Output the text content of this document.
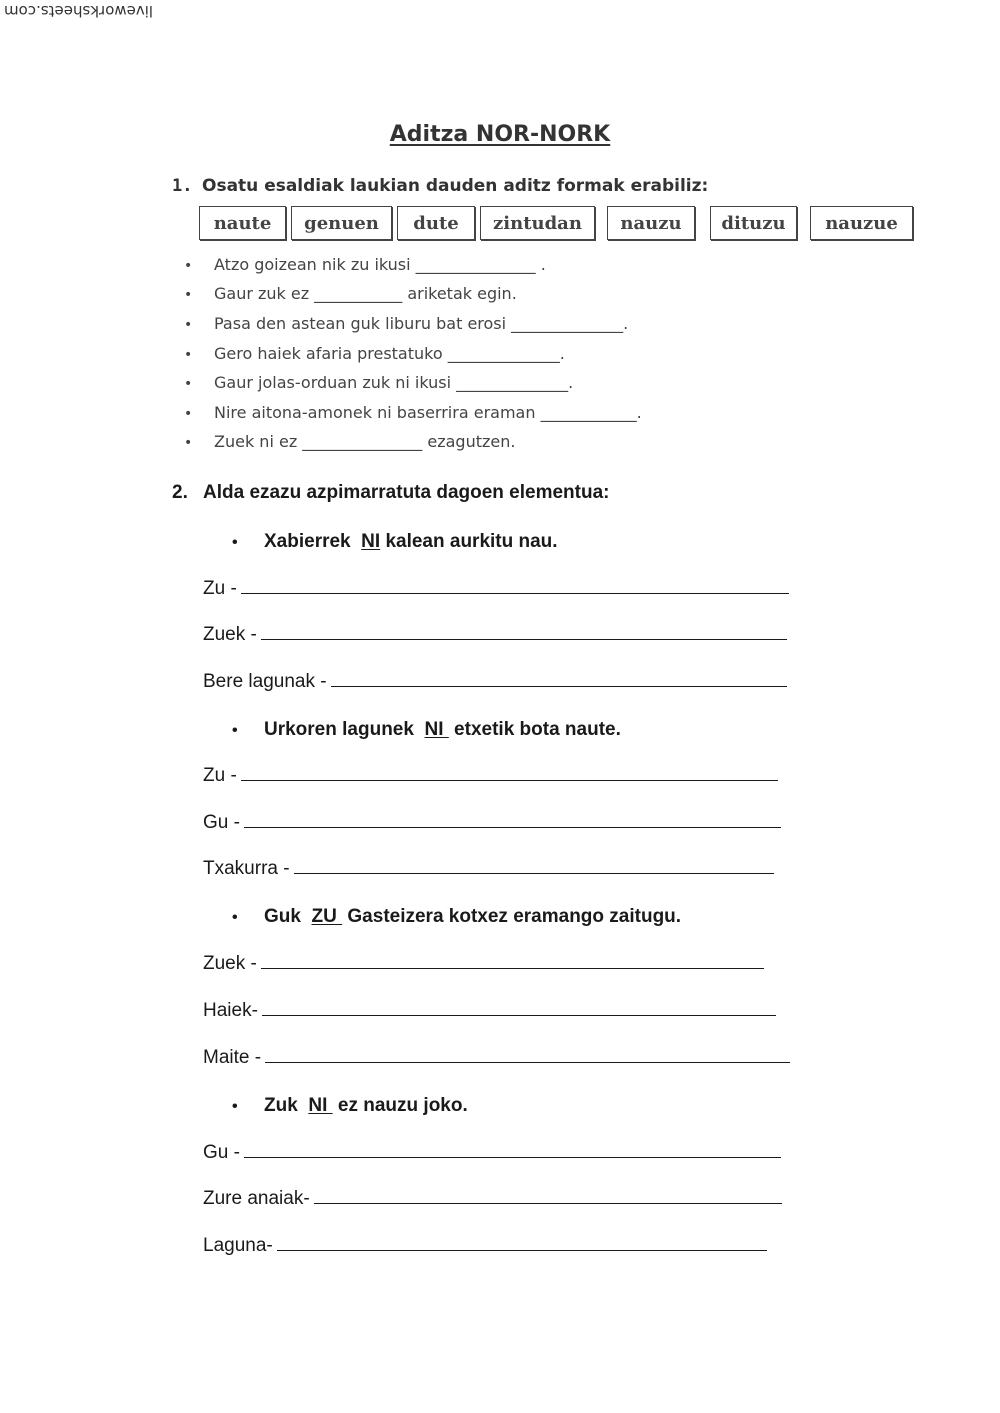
liveworksheets.com
Aditza NOR-NORK
1. Osatu esaldiak laukian dauden aditz formak erabiliz:
naute	genuen	dute	zintudan	nauzu	dituzu	nauzue
• Atzo goizean nik zu ikusi _______________ .
• Gaur zuk ez ___________ ariketak egin.
• Pasa den astean guk liburu bat erosi ______________.
• Gero haiek afaria prestatuko ______________.
• Gaur jolas-orduan zuk ni ikusi ______________.
• Nire aitona-amonek ni baserrira eraman ____________.
• Zuek ni ez _______________ ezagutzen.
2. Alda ezazu azpimarratuta dagoen elementua:
• Xabierrek  NI kalean aurkitu nau.
Zu -
Zuek -
Bere lagunak -
• Urkoren lagunek  NI  etxetik bota naute.
Zu -
Gu -
Txakurra -
• Guk  ZU  Gasteizera kotxez eramango zaitugu.
Zuek -
Haiek-
Maite -
• Zuk  NI  ez nauzu joko.
Gu -
Zure anaiak-
Laguna-
